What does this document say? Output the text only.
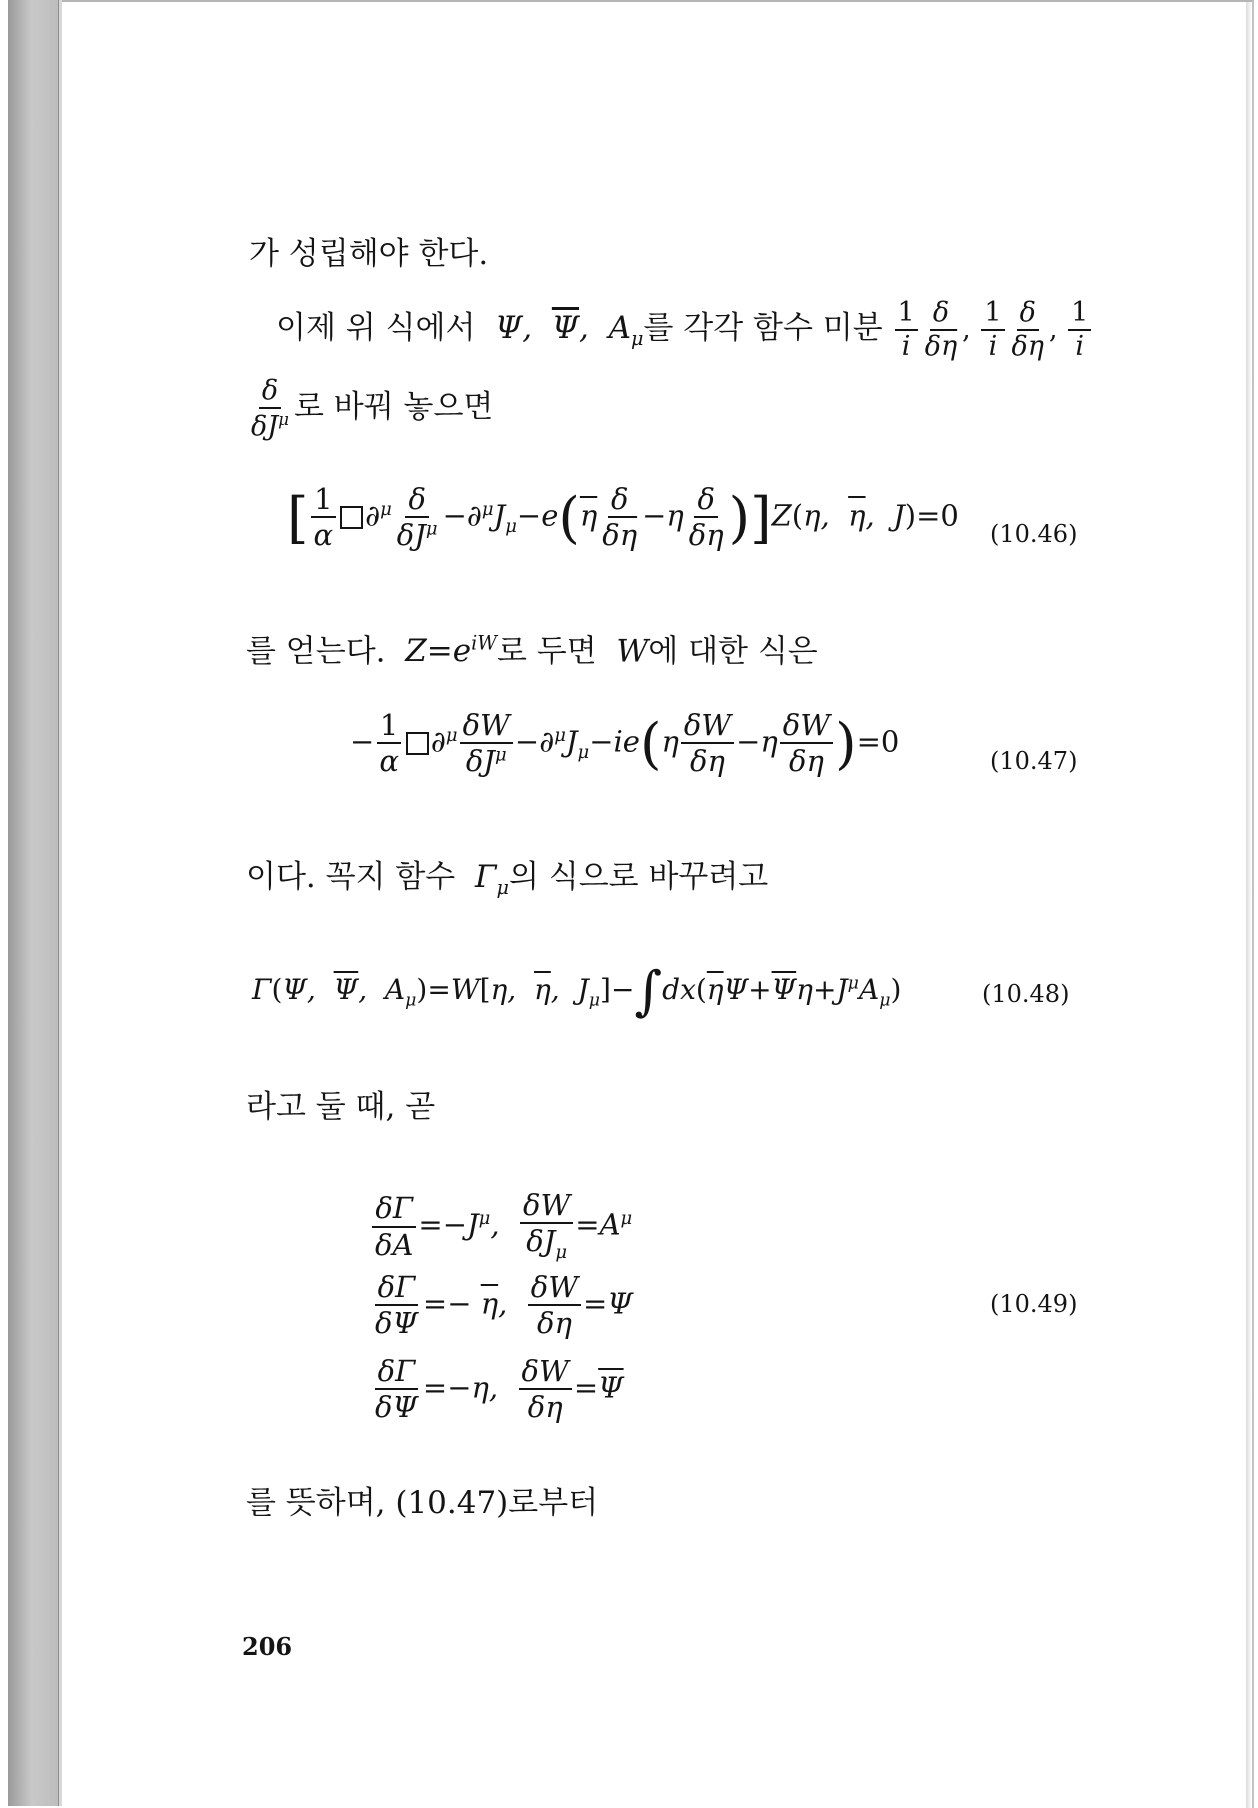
가 성립해야 한다.
이제 위 식에서  Ψ,  $\overline{\Psi}$,  $A_\mu$를 각각 함수 미분 $\frac{1}{i} \frac{\delta}{\delta\overline{\eta}}$ , $\frac{1}{i} \frac{\delta}{\delta\eta}$ , $\frac{1}{i}$
$\frac{\delta}{\delta J^\mu}$ 로 바꿔 놓으면
[ $\frac{1}{\alpha} \partial^\mu \frac{\delta}{\delta J^\mu} -\partial^\mu J_\mu-e(\overline{\eta} \frac{\delta}{\delta\overline{\eta}} -\eta \frac{\delta}{\delta\eta} )]Z(\eta$,  $\overline{\eta}$,  J)=0
(10.46)
를 얻는다.  $Z=e^{iW}$로 두면  W에 대한 식은
− $\frac{1}{\alpha} \partial^\mu \frac{\delta W}{\delta J^\mu} -\partial^\mu J_\mu-ie(\eta \frac{\delta W}{\delta\overline{\eta}} -\eta \frac{\delta W}{\delta\eta} )=0$
(10.47)
이다. 꼭지 함수  $\Gamma_\mu$의 식으로 바꾸려고
Γ(Ψ,  $\overline{\Psi}$,  $A_\mu)=W[\eta$,  $\overline{\eta}$,  $J_\mu]-\int dx(\overline{\eta}\Psi+\overline{\Psi}\eta+J^\mu A_\mu)$	(10.48)
라고 둘 때, 곧
$\frac{\delta\Gamma}{\delta A} =-J^\mu$, $\frac{\delta W}{\delta J_\mu} =A^\mu$
$\frac{\delta\Gamma}{\delta\Psi} =- \overline{\eta}$, $\frac{\delta W}{\delta\overline{\eta}} =\Psi$
$\frac{\delta\Gamma}{\delta\overline{\Psi}} =-\eta$, $\frac{\delta W}{\delta\eta} =\overline{\Psi}$
(10.49)
를 뜻하며, (10.47)로부터
206
